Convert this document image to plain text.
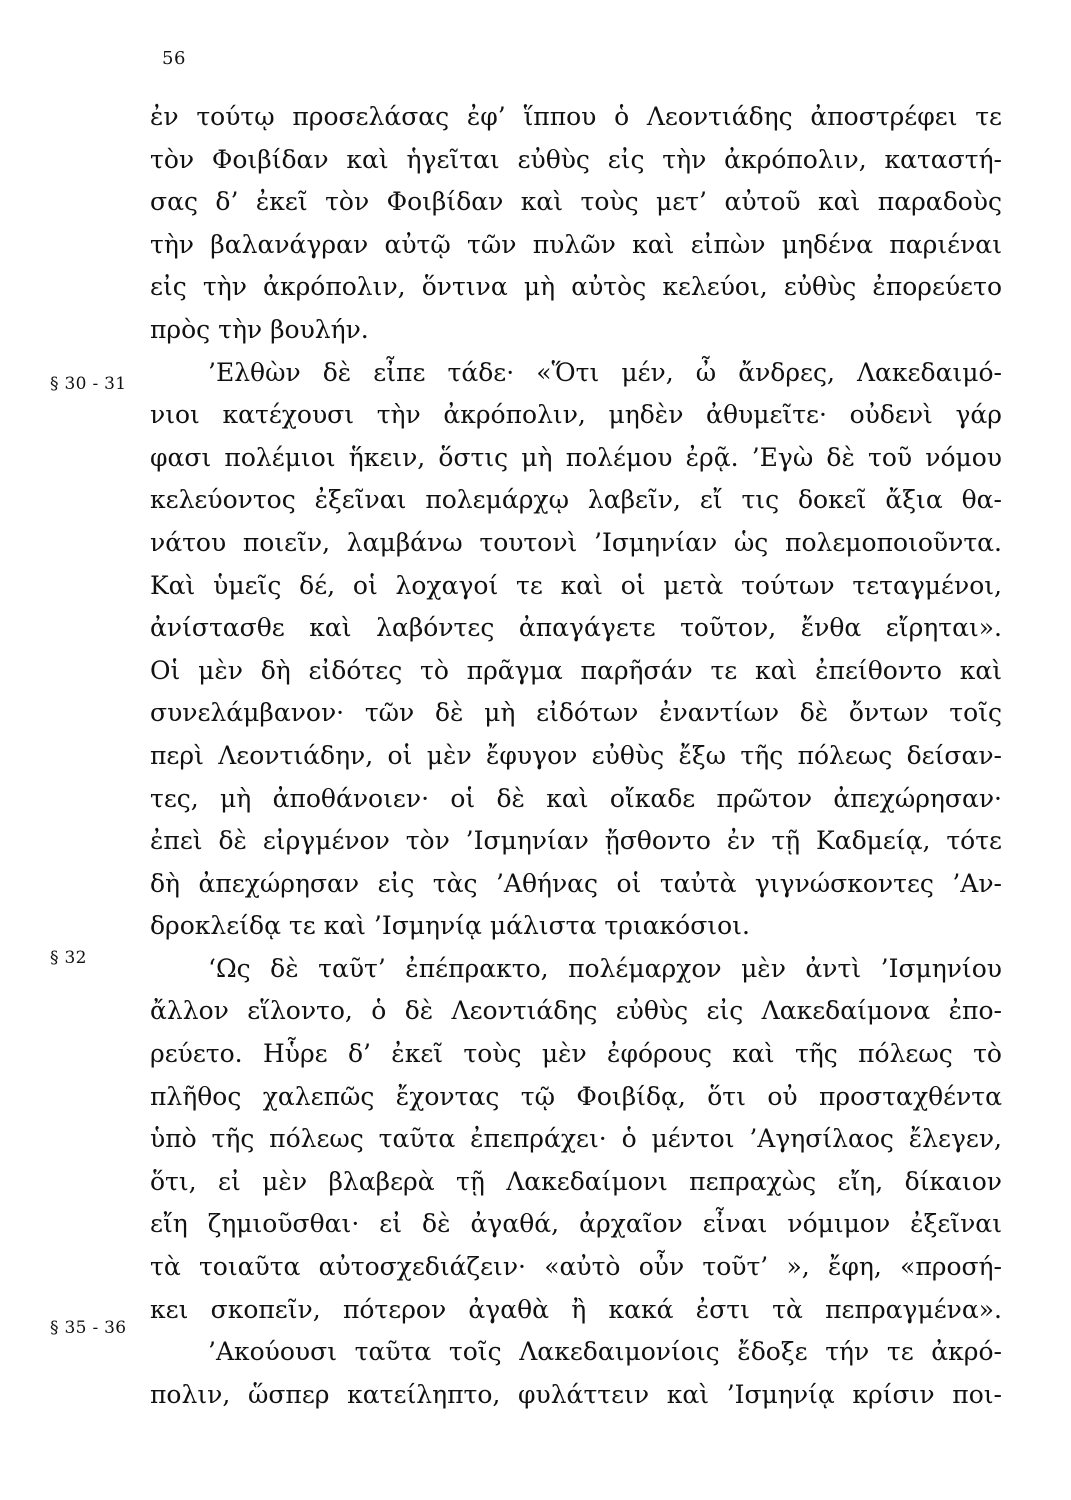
56
§ 30 - 31
§ 32
§ 35 - 36
ἐν τούτῳ προσελάσας ἐφ’ ἵππου ὁ Λεοντιάδης ἀποστρέφει τε
τὸν Φοιβίδαν καὶ ἡγεῖται εὐθὺς εἰς τὴν ἀκρόπολιν, καταστή-
σας δ’ ἐκεῖ τὸν Φοιβίδαν καὶ τοὺς μετ’ αὐτοῦ καὶ παραδοὺς
τὴν βαλανάγραν αὐτῷ τῶν πυλῶν καὶ εἰπὼν μηδένα παριέναι
εἰς τὴν ἀκρόπολιν, ὅντινα μὴ αὐτὸς κελεύοι, εὐθὺς ἐπορεύετο
πρὸς τὴν βουλήν.
’Ελθὼν δὲ εἶπε τάδε· «Ὅτι μέν, ὦ ἄνδρες, Λακεδαιμό-
νιοι κατέχουσι τὴν ἀκρόπολιν, μηδὲν ἀθυμεῖτε· οὐδενὶ γάρ
φασι πολέμιοι ἥκειν, ὅστις μὴ πολέμου ἐρᾷ. ’Εγὼ δὲ τοῦ νόμου
κελεύοντος ἐξεῖναι πολεμάρχῳ λαβεῖν, εἴ τις δοκεῖ ἄξια θα-
νάτου ποιεῖν, λαμβάνω τουτονὶ ’Ισμηνίαν ὡς πολεμοποιοῦντα.
Καὶ ὑμεῖς δέ, οἱ λοχαγοί τε καὶ οἱ μετὰ τούτων τεταγμένοι,
ἀνίστασθε καὶ λαβόντες ἀπαγάγετε τοῦτον, ἔνθα εἴρηται».
Οἱ μὲν δὴ εἰδότες τὸ πρᾶγμα παρῆσάν τε καὶ ἐπείθοντο καὶ
συνελάμβανον· τῶν δὲ μὴ εἰδότων ἐναντίων δὲ ὄντων τοῖς
περὶ Λεοντιάδην, οἱ μὲν ἔφυγον εὐθὺς ἔξω τῆς πόλεως δείσαν-
τες, μὴ ἀποθάνοιεν· οἱ δὲ καὶ οἴκαδε πρῶτον ἀπεχώρησαν·
ἐπεὶ δὲ εἰργμένον τὸν ’Ισμηνίαν ᾔσθοντο ἐν τῇ Καδμείᾳ, τότε
δὴ ἀπεχώρησαν εἰς τὰς ’Αθήνας οἱ ταὐτὰ γιγνώσκοντες ’Αν-
δροκλείδᾳ τε καὶ ’Ισμηνίᾳ μάλιστα τριακόσιοι.
‘Ως δὲ ταῦτ’ ἐπέπρακτο, πολέμαρχον μὲν ἀντὶ ’Ισμηνίου
ἄλλον εἵλοντο, ὁ δὲ Λεοντιάδης εὐθὺς εἰς Λακεδαίμονα ἐπο-
ρεύετο. Ηὗρε δ’ ἐκεῖ τοὺς μὲν ἐφόρους καὶ τῆς πόλεως τὸ
πλῆθος χαλεπῶς ἔχοντας τῷ Φοιβίδᾳ, ὅτι οὐ προσταχθέντα
ὑπὸ τῆς πόλεως ταῦτα ἐπεπράχει· ὁ μέντοι ’Αγησίλαος ἔλεγεν,
ὅτι, εἰ μὲν βλαβερὰ τῇ Λακεδαίμονι πεπραχὼς εἴη, δίκαιον
εἴη ζημιοῦσθαι· εἰ δὲ ἀγαθά, ἀρχαῖον εἶναι νόμιμον ἐξεῖναι
τὰ τοιαῦτα αὐτοσχεδιάζειν· «αὐτὸ οὖν τοῦτ’ », ἔφη, «προσή-
κει σκοπεῖν, πότερον ἀγαθὰ ἢ κακά ἐστι τὰ πεπραγμένα».
’Ακούουσι ταῦτα τοῖς Λακεδαιμονίοις ἔδοξε τήν τε ἀκρό-
πολιν, ὥσπερ κατείληπτο, φυλάττειν καὶ ’Ισμηνίᾳ κρίσιν ποι-
